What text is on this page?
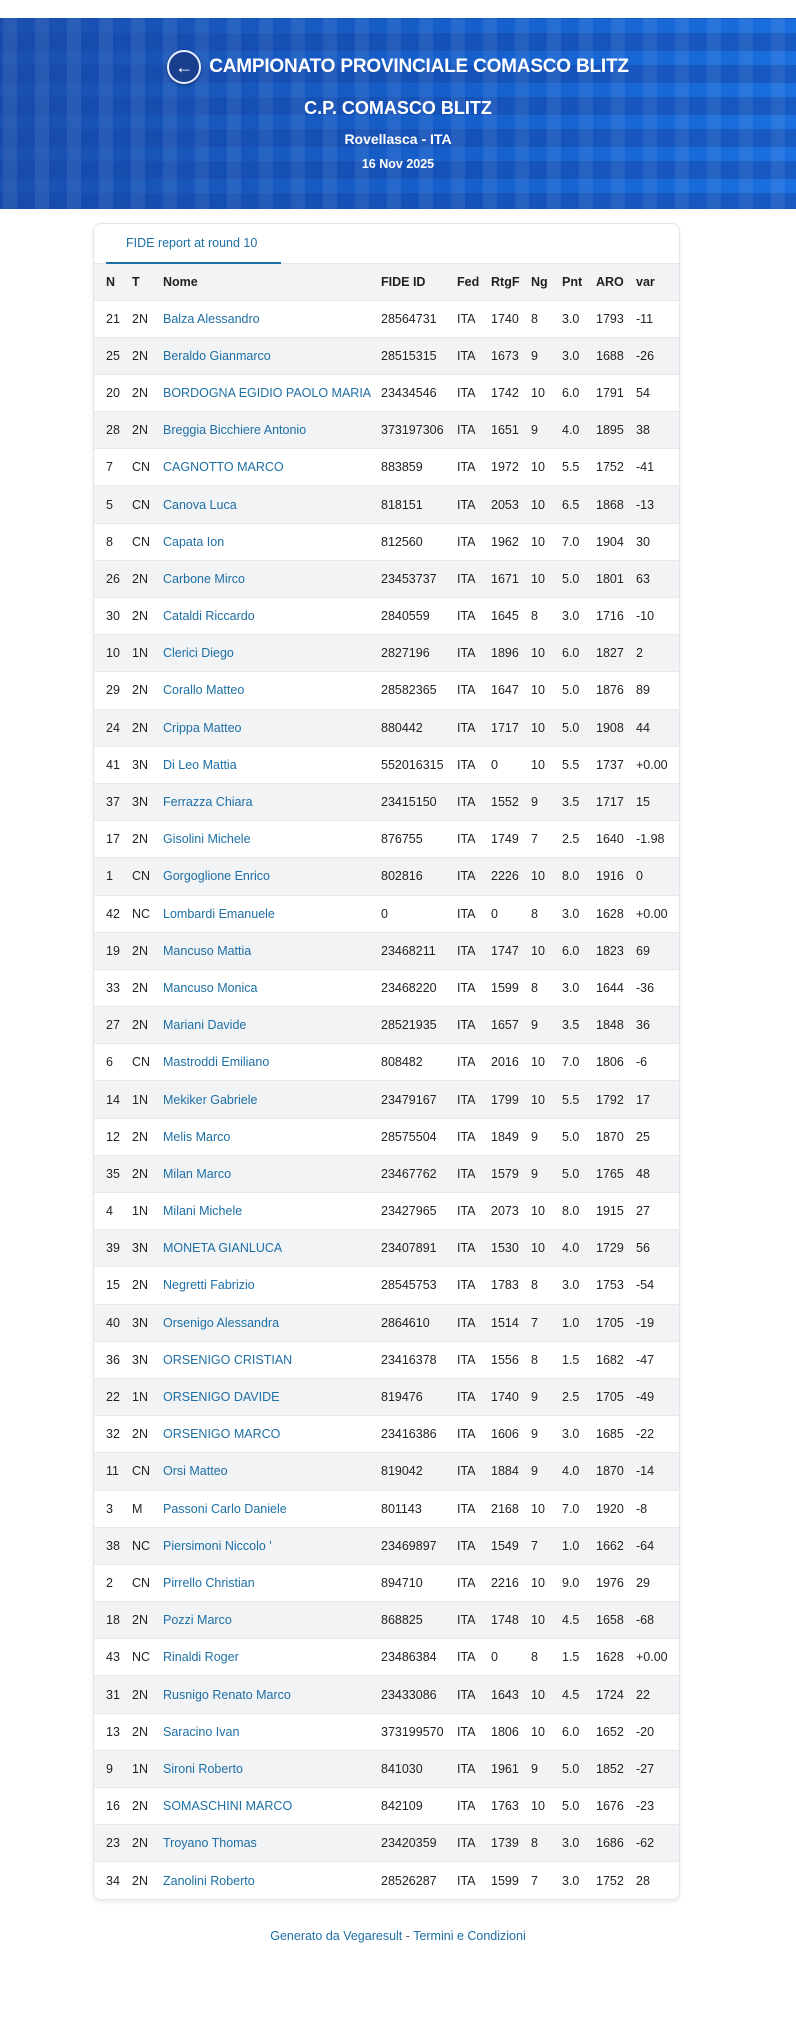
← CAMPIONATO PROVINCIALE COMASCO BLITZ
C.P. COMASCO BLITZ
Rovellasca - ITA
16 Nov 2025
FIDE report at round 10
N	T	Nome	FIDE ID	Fed	RtgF	Ng	Pnt	ARO	var
21	2N	Balza Alessandro	28564731	ITA	1740	8	3.0	1793	-11
25	2N	Beraldo Gianmarco	28515315	ITA	1673	9	3.0	1688	-26
20	2N	BORDOGNA EGIDIO PAOLO MARIA	23434546	ITA	1742	10	6.0	1791	54
28	2N	Breggia Bicchiere Antonio	373197306	ITA	1651	9	4.0	1895	38
7	CN	CAGNOTTO MARCO	883859	ITA	1972	10	5.5	1752	-41
5	CN	Canova Luca	818151	ITA	2053	10	6.5	1868	-13
8	CN	Capata Ion	812560	ITA	1962	10	7.0	1904	30
26	2N	Carbone Mirco	23453737	ITA	1671	10	5.0	1801	63
30	2N	Cataldi Riccardo	2840559	ITA	1645	8	3.0	1716	-10
10	1N	Clerici Diego	2827196	ITA	1896	10	6.0	1827	2
29	2N	Corallo Matteo	28582365	ITA	1647	10	5.0	1876	89
24	2N	Crippa Matteo	880442	ITA	1717	10	5.0	1908	44
41	3N	Di Leo Mattia	552016315	ITA	0	10	5.5	1737	+0.00
37	3N	Ferrazza Chiara	23415150	ITA	1552	9	3.5	1717	15
17	2N	Gisolini Michele	876755	ITA	1749	7	2.5	1640	-1.98
1	CN	Gorgoglione Enrico	802816	ITA	2226	10	8.0	1916	0
42	NC	Lombardi Emanuele	0	ITA	0	8	3.0	1628	+0.00
19	2N	Mancuso Mattia	23468211	ITA	1747	10	6.0	1823	69
33	2N	Mancuso Monica	23468220	ITA	1599	8	3.0	1644	-36
27	2N	Mariani Davide	28521935	ITA	1657	9	3.5	1848	36
6	CN	Mastroddi Emiliano	808482	ITA	2016	10	7.0	1806	-6
14	1N	Mekiker Gabriele	23479167	ITA	1799	10	5.5	1792	17
12	2N	Melis Marco	28575504	ITA	1849	9	5.0	1870	25
35	2N	Milan Marco	23467762	ITA	1579	9	5.0	1765	48
4	1N	Milani Michele	23427965	ITA	2073	10	8.0	1915	27
39	3N	MONETA GIANLUCA	23407891	ITA	1530	10	4.0	1729	56
15	2N	Negretti Fabrizio	28545753	ITA	1783	8	3.0	1753	-54
40	3N	Orsenigo Alessandra	2864610	ITA	1514	7	1.0	1705	-19
36	3N	ORSENIGO CRISTIAN	23416378	ITA	1556	8	1.5	1682	-47
22	1N	ORSENIGO DAVIDE	819476	ITA	1740	9	2.5	1705	-49
32	2N	ORSENIGO MARCO	23416386	ITA	1606	9	3.0	1685	-22
11	CN	Orsi Matteo	819042	ITA	1884	9	4.0	1870	-14
3	M	Passoni Carlo Daniele	801143	ITA	2168	10	7.0	1920	-8
38	NC	Piersimoni Niccolo '	23469897	ITA	1549	7	1.0	1662	-64
2	CN	Pirrello Christian	894710	ITA	2216	10	9.0	1976	29
18	2N	Pozzi Marco	868825	ITA	1748	10	4.5	1658	-68
43	NC	Rinaldi Roger	23486384	ITA	0	8	1.5	1628	+0.00
31	2N	Rusnigo Renato Marco	23433086	ITA	1643	10	4.5	1724	22
13	2N	Saracino Ivan	373199570	ITA	1806	10	6.0	1652	-20
9	1N	Sironi Roberto	841030	ITA	1961	9	5.0	1852	-27
16	2N	SOMASCHINI MARCO	842109	ITA	1763	10	5.0	1676	-23
23	2N	Troyano Thomas	23420359	ITA	1739	8	3.0	1686	-62
34	2N	Zanolini Roberto	28526287	ITA	1599	7	3.0	1752	28
Generato da Vegaresult - Termini e Condizioni
